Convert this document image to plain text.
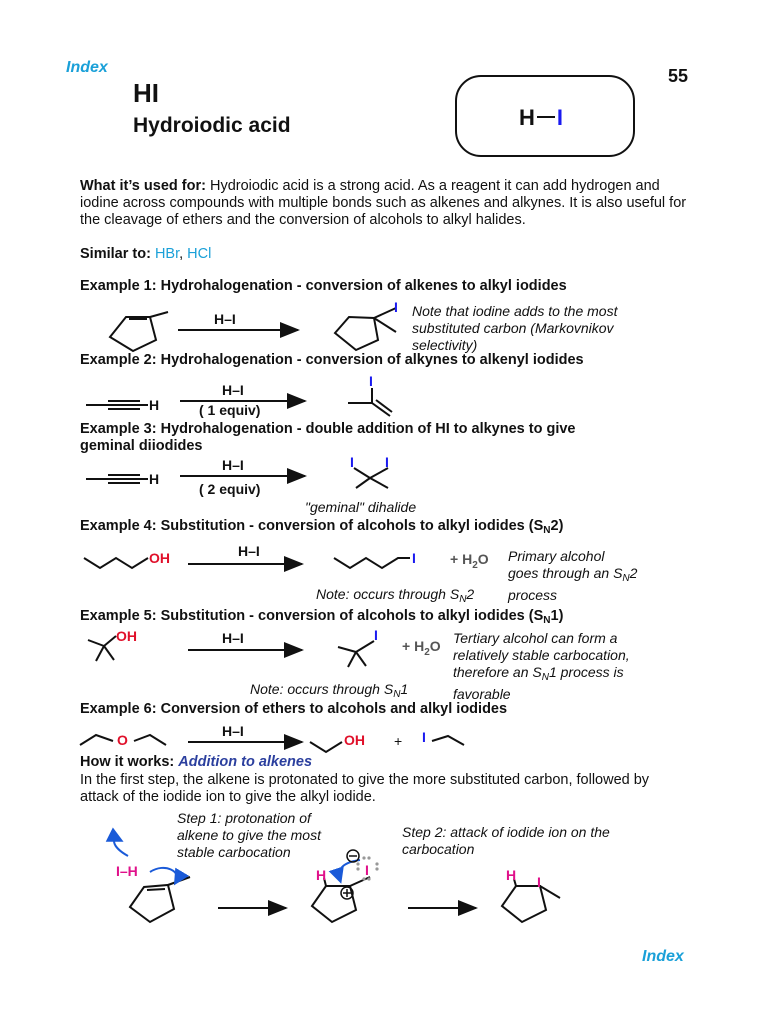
Index	55
HI
Hydroiodic acid	H I
What it’s used for: Hydroiodic acid is a strong acid. As a reagent it can add hydrogen and iodine across compounds with multiple bonds such as alkenes and alkynes. It is also useful for the cleavage of ethers and the conversion of alcohols to alkyl halides.
Similar to: HBr, HCl
Example 1: Hydrohalogenation - conversion of alkenes to alkyl iodides
Example 2: Hydrohalogenation - conversion of alkynes to alkenyl iodides
Example 3: Hydrohalogenation - double addition of HI to alkynes to give
geminal diiodides
Example 4: Substitution - conversion of alcohols to alkyl iodides $(S_N2)$
Example 5: Substitution - conversion of alcohols to alkyl iodides $(S_N1)$
Example 6: Conversion of ethers to alcohols and alkyl iodides
Note that iodine adds to the most substituted carbon (Markovnikov selectivity)
"geminal" dihalide
Primary alcohol goes through an $S_N2$ process
Note: occurs through $S_N2$
Tertiary alcohol can form a
relatively stable carbocation,
therefore an $S_N1$ process is
favorable
Note: occurs through $S_N1$
How it works: Addition to alkenes
In the first step, the alkene is protonated to give the more substituted carbon, followed by attack of the iodide ion to give the alkyl iodide.
Step 1: protonation of
alkene to give the most
stable carbocation
Step 2: attack of iodide ion on the
carbocation
Index
I
H
I
H
I I
OH	I
OH	I
O	OH	I
I–H	H	I	H I
H–I
H–I
( 1 equiv)
H–I
( 2 equiv)
H–I
H–I
H–I
+
+ $H_2O$
+ $H_2O$
